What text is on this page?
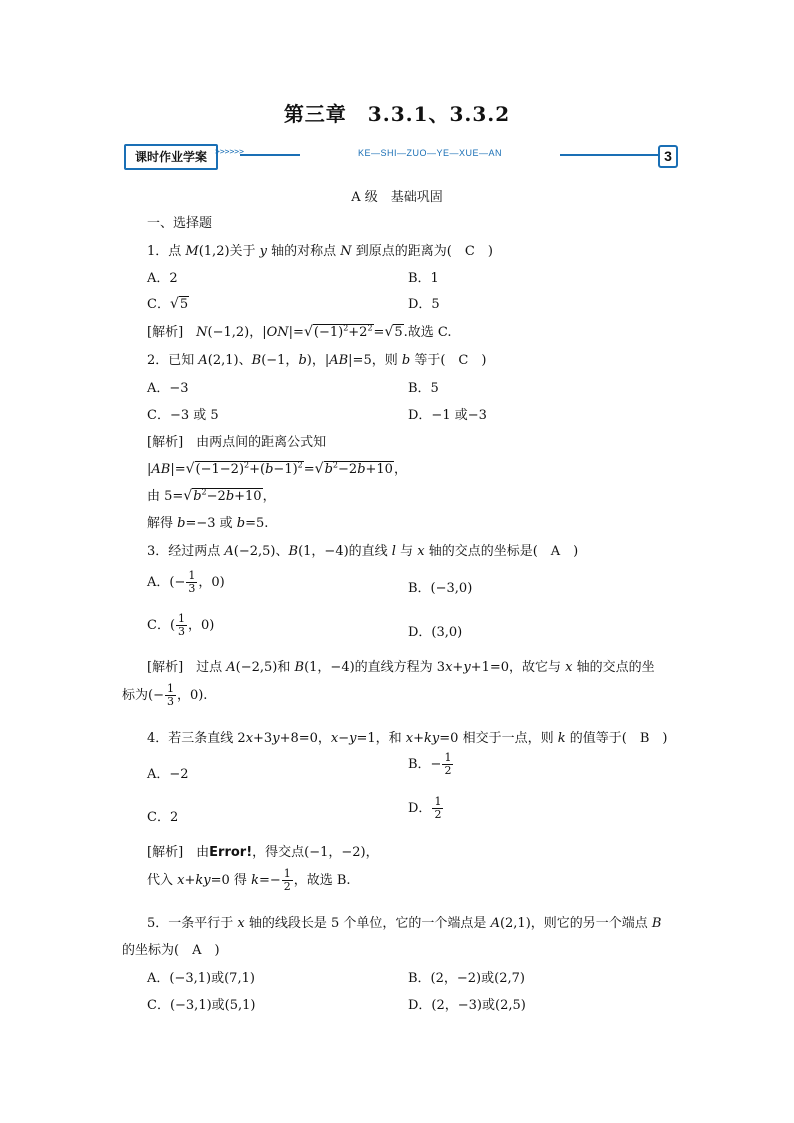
第三章　3.3.1、3.3.2
课时作业学案	>>>>>>	KE—SHI—ZUO—YE—XUE—AN	3
A 级　基础巩固
一、选择题
1．点 M(1,2)关于 y 轴的对称点 N 到原点的距离为(　C　)
A．2	B．1
C．√5	D．5
[解析]　N(−1,2)，$|ON|=√(-1)^2+2^2=√5$.故选 C.
2．已知 A(2,1)、B(−1，b)，|AB|=5，则 b 等于(　C　)
A．−3	B．5
C．−3 或 5	D．−1 或−3
[解析]　由两点间的距离公式知
$|AB|=√(-1-2)^2+(b-1)^2=√b^2-2b+10$，
由 $5=√b^2-2b+10$，
解得 b=−3 或 b=5.
3．经过两点 A(−2,5)、B(1，−4)的直线 l 与 x 轴的交点的坐标是(　A　)
A．(− $\frac{1}{3}$ ，0)	B．(−3,0)
C．( $\frac{1}{3}$ ，0)	D．(3,0)
[解析]　过点 A(−2,5)和 B(1，−4)的直线方程为 3x+y+1=0，故它与 x 轴的交点的坐
标为(− $\frac{1}{3}$ ，0).
4．若三条直线 2x+3y+8=0，x−y=1，和 x+ky=0 相交于一点，则 k 的值等于(　B　)
A．−2
B．− $\frac{1}{2}$
C．2
D． $\frac{1}{2}$
[解析]　由Error!，得交点(−1，−2)，
代入 x+ky=0 得 $k=- \frac{1}{2}$ ，故选 B.
5．一条平行于 x 轴的线段长是 5 个单位，它的一个端点是 A(2,1)，则它的另一个端点 B
的坐标为(　A　)
A．(−3,1)或(7,1)	B．(2，−2)或(2,7)
C．(−3,1)或(5,1)	D．(2，−3)或(2,5)
